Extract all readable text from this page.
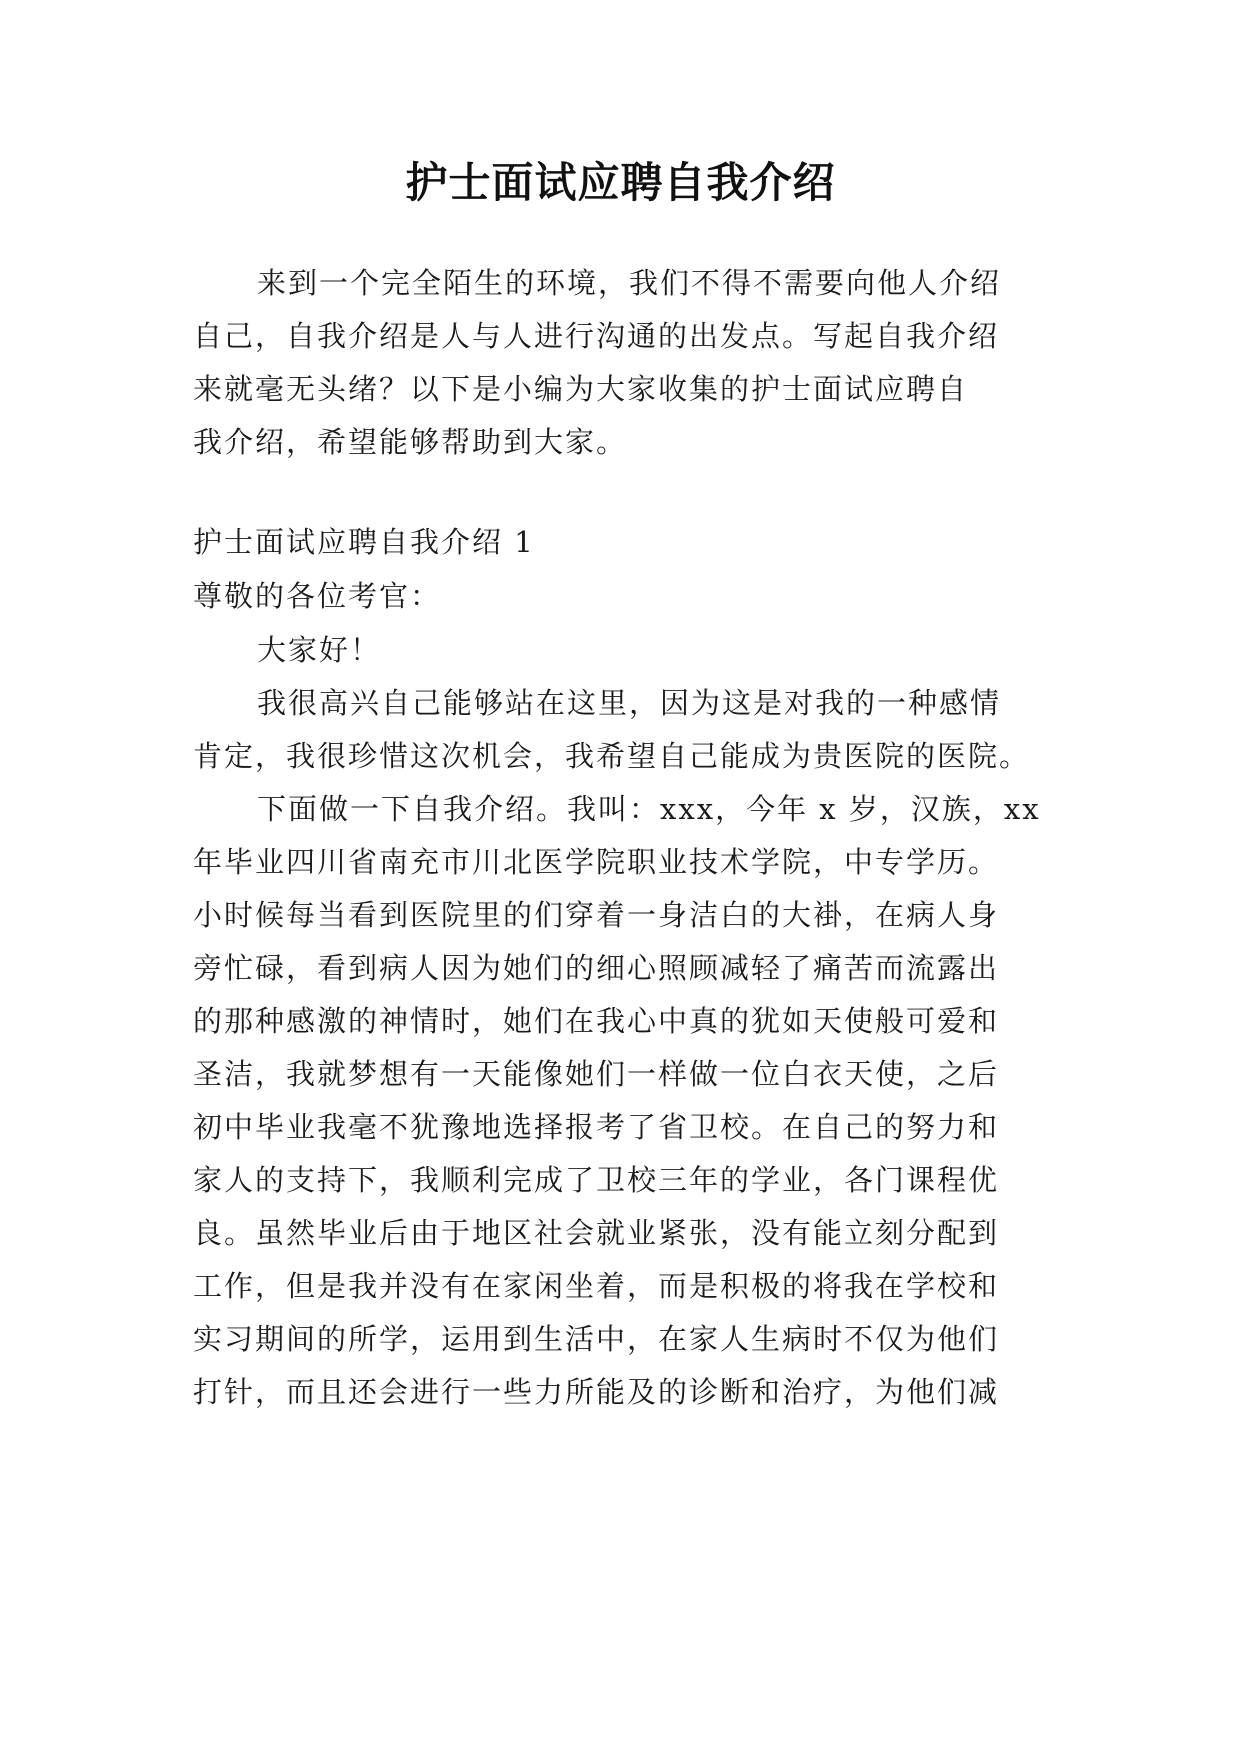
护士面试应聘自我介绍
来到一个完全陌生的环境，我们不得不需要向他人介绍
自己，自我介绍是人与人进行沟通的出发点。写起自我介绍
来就毫无头绪？以下是小编为大家收集的护士面试应聘自
我介绍，希望能够帮助到大家。
护士面试应聘自我介绍 1
尊敬的各位考官：
大家好！
我很高兴自己能够站在这里，因为这是对我的一种感情
肯定，我很珍惜这次机会，我希望自己能成为贵医院的医院。
下面做一下自我介绍。我叫：xxx，今年 x 岁，汉族，xx
年毕业四川省南充市川北医学院职业技术学院，中专学历。
小时候每当看到医院里的们穿着一身洁白的大褂，在病人身
旁忙碌，看到病人因为她们的细心照顾减轻了痛苦而流露出
的那种感激的神情时，她们在我心中真的犹如天使般可爱和
圣洁，我就梦想有一天能像她们一样做一位白衣天使，之后
初中毕业我毫不犹豫地选择报考了省卫校。在自己的努力和
家人的支持下，我顺利完成了卫校三年的学业，各门课程优
良。虽然毕业后由于地区社会就业紧张，没有能立刻分配到
工作，但是我并没有在家闲坐着，而是积极的将我在学校和
实习期间的所学，运用到生活中，在家人生病时不仅为他们
打针，而且还会进行一些力所能及的诊断和治疗，为他们减
